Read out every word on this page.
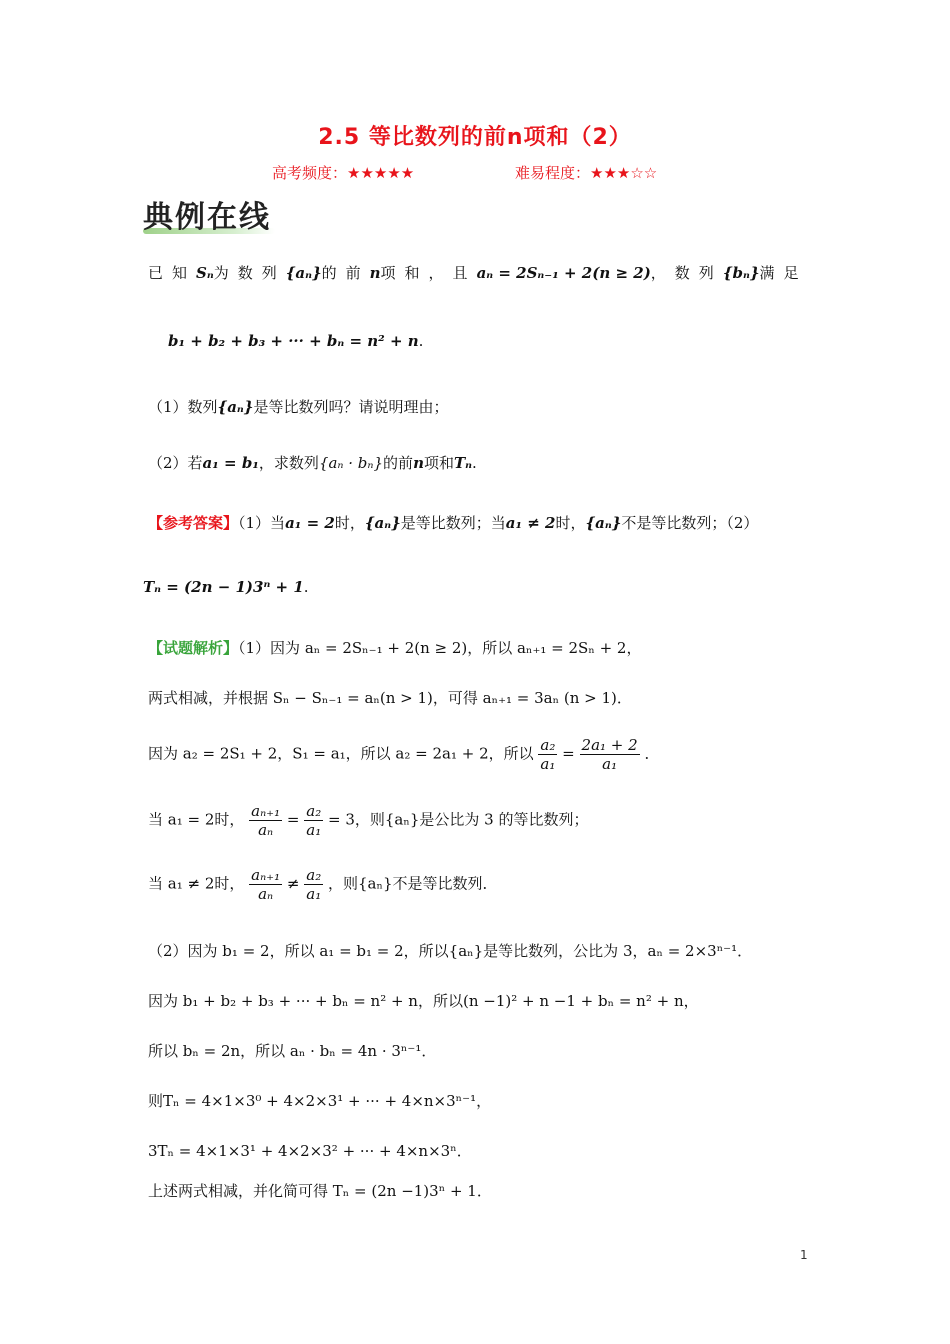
2.5 等比数列的前n项和（2）
高考频度：★★★★★	难易程度：★★★☆☆
典例在线
已知Sₙ为数列{aₙ}的前n项和，且aₙ = 2Sₙ₋₁ + 2(n ≥ 2)，数列{bₙ}满足
b₁ + b₂ + b₃ + ··· + bₙ = n² + n.
（1）数列{aₙ}是等比数列吗？请说明理由；
（2）若a₁ = b₁，求数列{aₙ · bₙ}的前n项和Tₙ.
【参考答案】（1）当a₁ = 2时，{aₙ}是等比数列；当a₁ ≠ 2时，{aₙ}不是等比数列；（2）
Tₙ = (2n − 1)3ⁿ + 1.
【试题解析】（1）因为 aₙ = 2Sₙ₋₁ + 2(n ≥ 2)，所以 aₙ₊₁ = 2Sₙ + 2，
两式相减，并根据 Sₙ − Sₙ₋₁ = aₙ(n > 1)，可得 aₙ₊₁ = 3aₙ (n > 1)．
因为 a₂ = 2S₁ + 2，S₁ = a₁，所以 a₂ = 2a₁ + 2，所以 $\frac{\text{a₂}}{\text{a₁}} = \frac{\text{2a₁ + 2}}{\text{a₁}}$ ．
当 a₁ = 2时， $\frac{\text{aₙ₊₁}}{\text{aₙ}} = \frac{\text{a₂}}{\text{a₁}} = 3$，则{aₙ}是公比为 3 的等比数列；
当 a₁ ≠ 2时， $\frac{\text{aₙ₊₁}}{\text{aₙ}} \ne \frac{\text{a₂}}{\text{a₁}}$ ，则{aₙ}不是等比数列．
（2）因为 b₁ = 2，所以 a₁ = b₁ = 2，所以{aₙ}是等比数列，公比为 3，aₙ = 2×3ⁿ⁻¹．
因为 b₁ + b₂ + b₃ + ··· + bₙ = n² + n，所以(n −1)² + n −1 + bₙ = n² + n，
所以 bₙ = 2n，所以 aₙ · bₙ = 4n · 3ⁿ⁻¹．
则Tₙ = 4×1×3⁰ + 4×2×3¹ + ··· + 4×n×3ⁿ⁻¹，
3Tₙ = 4×1×3¹ + 4×2×3² + ··· + 4×n×3ⁿ．
上述两式相减，并化简可得 Tₙ = (2n −1)3ⁿ + 1．
1
